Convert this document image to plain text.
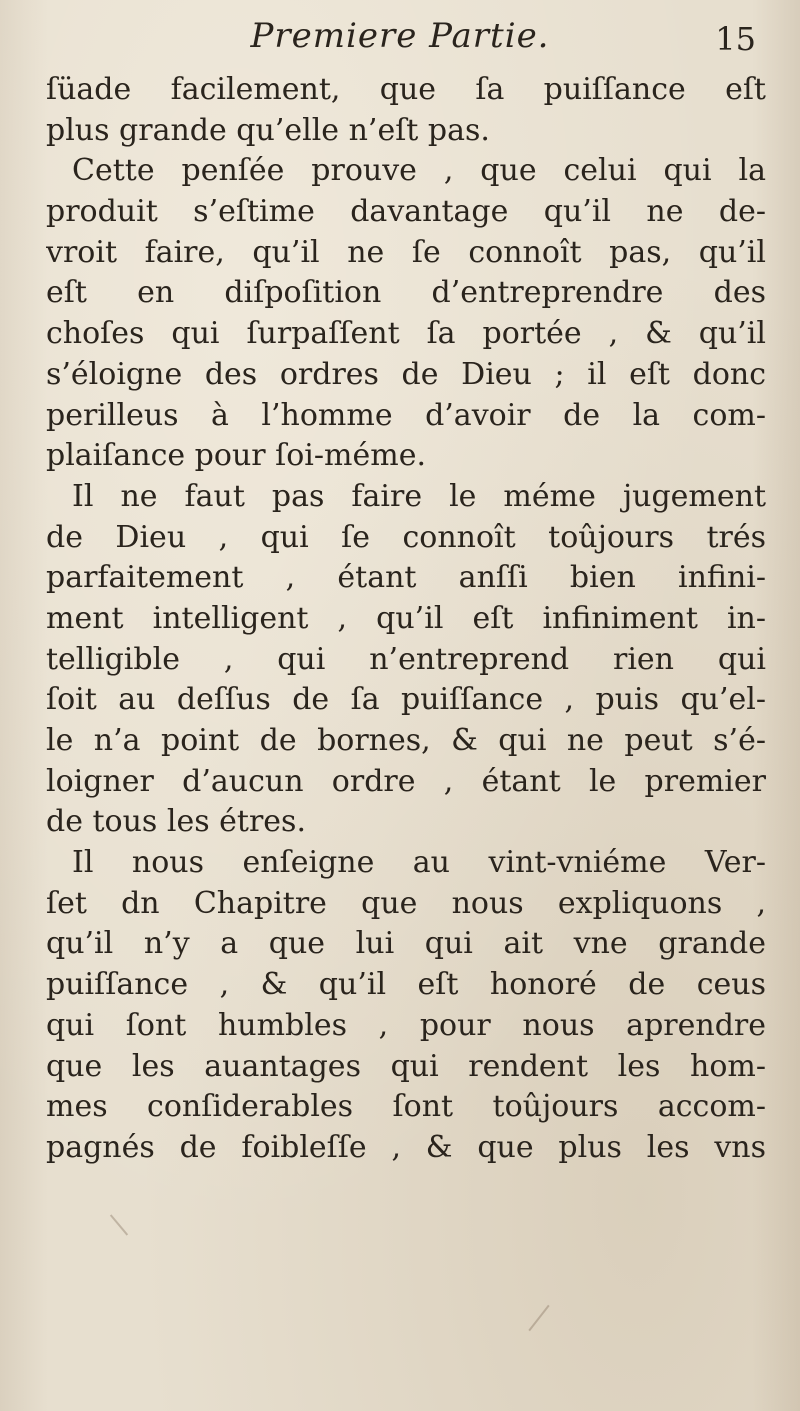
Premiere Partie.	15
ſüade facilement, que ſa puiſſance eſt
plus grande qu’elle n’eſt pas.
Cette penſée prouve , que celui qui la
produit s’eſtime davantage qu’il ne de-
vroit faire, qu’il ne ſe connoît pas, qu’il
eſt en diſpoſition d’entreprendre des
choſes qui ſurpaſſent ſa portée , & qu’il
s’éloigne des ordres de Dieu ; il eſt donc
perilleus à l’homme d’avoir de la com-
plaiſance pour ſoi-méme.
Il ne faut pas faire le méme jugement
de Dieu , qui ſe connoît toûjours trés
parfaitement , étant anſſi bien infini-
ment intelligent , qu’il eſt infiniment in-
telligible , qui n’entreprend rien qui
ſoit au deſſus de ſa puiſſance , puis qu’el-
le n’a point de bornes, & qui ne peut s’é-
loigner d’aucun ordre , étant le premier
de tous les étres.
Il nous enſeigne au vint-vniéme Ver-
ſet dn Chapitre que nous expliquons ,
qu’il n’y a que lui qui ait vne grande
puiſſance , & qu’il eſt honoré de ceus
qui ſont humbles , pour nous aprendre
que les auantages qui rendent les hom-
mes conſiderables ſont toûjours accom-
pagnés de foibleſſe , & que plus les vns
